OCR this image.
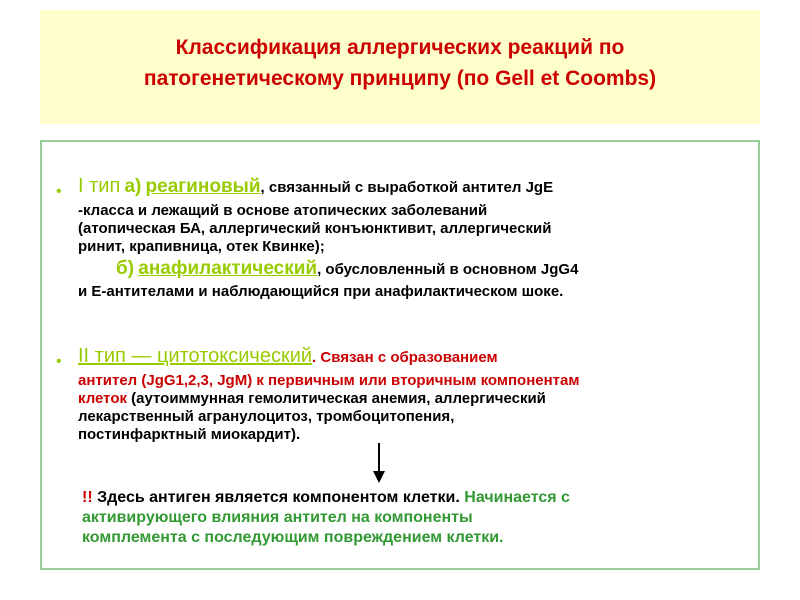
Классификация аллергических реакций по
патогенетическому принципу (по Gell et Coombs)
• I тип а) реагиновый, связанный с выработкой антител JgE
-класса и лежащий в основе атопических заболеваний
(атопическая БА, аллергический конъюнктивит, аллергический
ринит, крапивница, отек Квинке);
б) анафилактический, обусловленный в основном JgG4
и Е-антителами и наблюдающийся при анафилактическом шоке.
• II тип — цитотоксический. Связан с образованием
антител (JgG1,2,3, JgM) к первичным или вторичным компонентам
клеток (аутоиммунная гемолитическая анемия, аллергический
лекарственный агранулоцитоз, тромбоцитопения,
постинфарктный миокардит).
!! Здесь антиген является компонентом клетки. Начинается с
активирующего влияния антител на компоненты
комплемента с последующим повреждением клетки.
